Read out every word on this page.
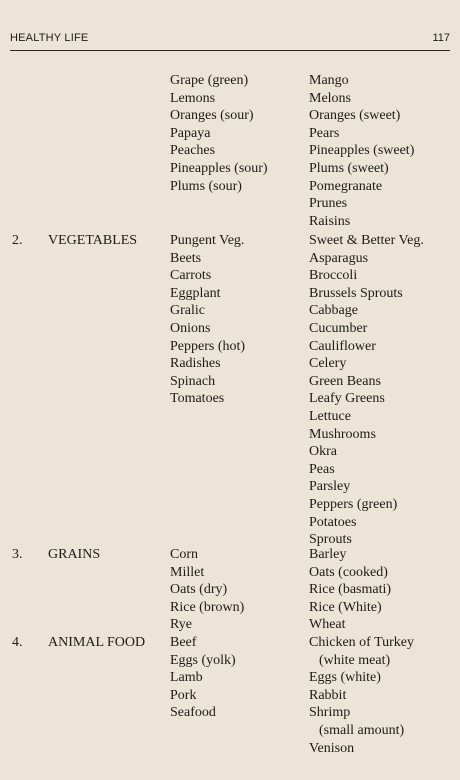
HEALTHY LIFE	117
Grape (green)
Lemons
Oranges (sour)
Papaya
Peaches
Pineapples (sour)
Plums (sour)
Mango
Melons
Oranges (sweet)
Pears
Pineapples (sweet)
Plums (sweet)
Pomegranate
Prunes
Raisins
2. VEGETABLES Pungent Veg.
Beets
Carrots
Eggplant
Gralic
Onions
Peppers (hot)
Radishes
Spinach
Tomatoes
Sweet & Better Veg.
Asparagus
Broccoli
Brussels Sprouts
Cabbage
Cucumber
Cauliflower
Celery
Green Beans
Leafy Greens
Lettuce
Mushrooms
Okra
Peas
Parsley
Peppers (green)
Potatoes
Sprouts
3. GRAINS	Corn
Millet
Oats (dry)
Rice (brown)
Rye
Barley
Oats (cooked)
Rice (basmati)
Rice (White)
Wheat
4. ANIMAL FOOD Beef
Eggs (yolk)
Lamb
Pork
Seafood
Chicken of Turkey
(white meat)
Eggs (white)
Rabbit
Shrimp
(small amount)
Venison
